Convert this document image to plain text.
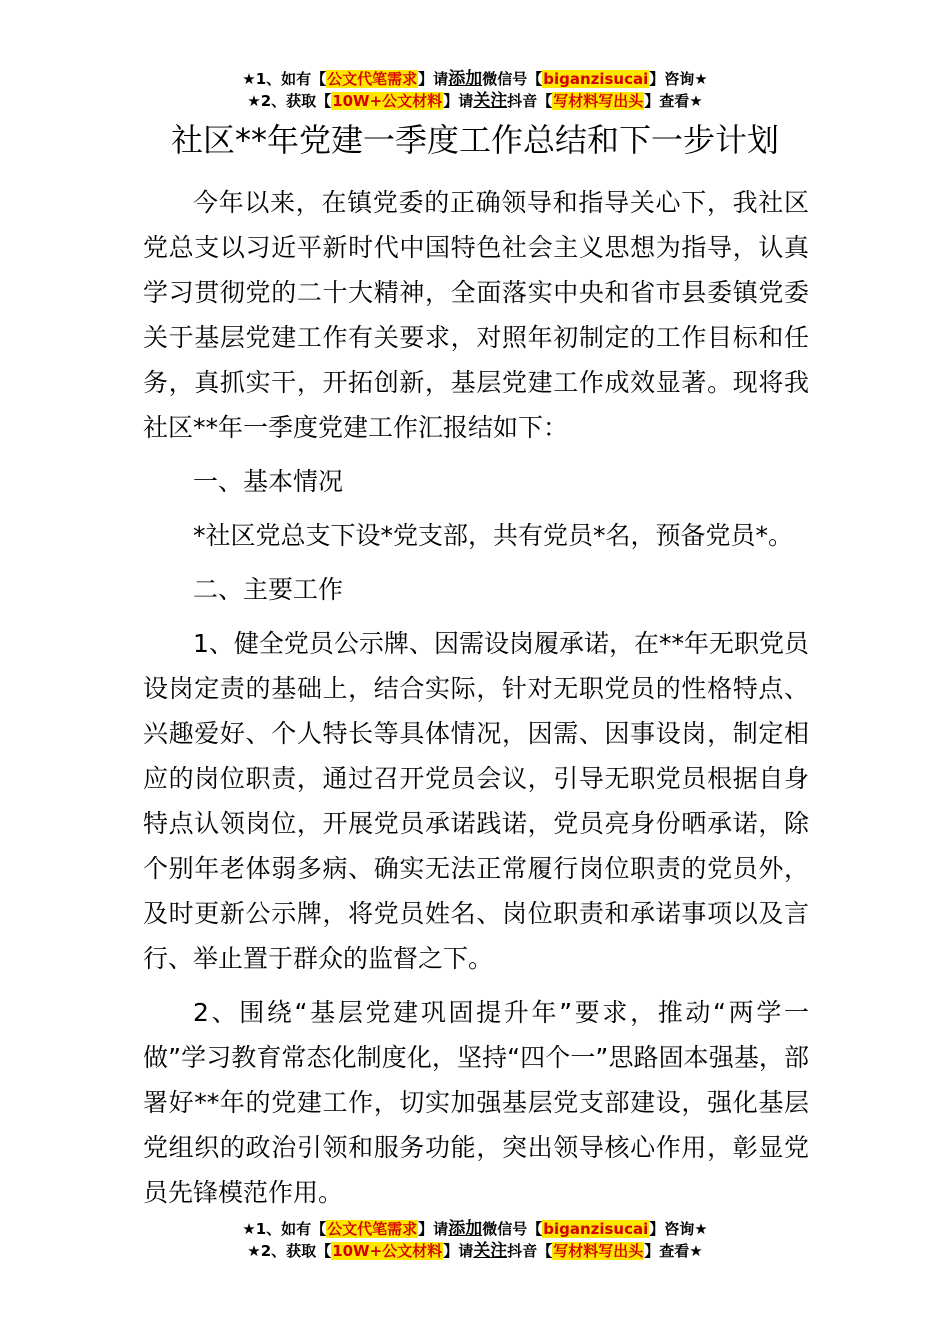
★1、如有【公文代笔需求】请添加微信号【biganzisucai】咨询★
★2、获取【10W+公文材料】请关注抖音【写材料写出头】查看★
社区**年党建一季度工作总结和下一步计划

今年以来，在镇党委的正确领导和指导关心下，我社区党总支以习近平新时代中国特色社会主义思想为指导，认真学习贯彻党的二十大精神，全面落实中央和省市县委镇党委关于基层党建工作有关要求，对照年初制定的工作目标和任务，真抓实干，开拓创新，基层党建工作成效显著。现将我社区**年一季度党建工作汇报结如下：

一、基本情况

*社区党总支下设*党支部，共有党员*名，预备党员*。

二、主要工作

1、健全党员公示牌、因需设岗履承诺，在**年无职党员设岗定责的基础上，结合实际，针对无职党员的性格特点、兴趣爱好、个人特长等具体情况，因需、因事设岗，制定相应的岗位职责，通过召开党员会议，引导无职党员根据自身特点认领岗位，开展党员承诺践诺，党员亮身份晒承诺，除个别年老体弱多病、确实无法正常履行岗位职责的党员外，及时更新公示牌，将党员姓名、岗位职责和承诺事项以及言行、举止置于群众的监督之下。

2、围绕“基层党建巩固提升年”要求，推动“两学一做”学习教育常态化制度化，坚持“四个一”思路固本强基，部署好**年的党建工作，切实加强基层党支部建设，强化基层党组织的政治引领和服务功能，突出领导核心作用，彰显党员先锋模范作用。

★1、如有【公文代笔需求】请添加微信号【biganzisucai】咨询★
★2、获取【10W+公文材料】请关注抖音【写材料写出头】查看★
